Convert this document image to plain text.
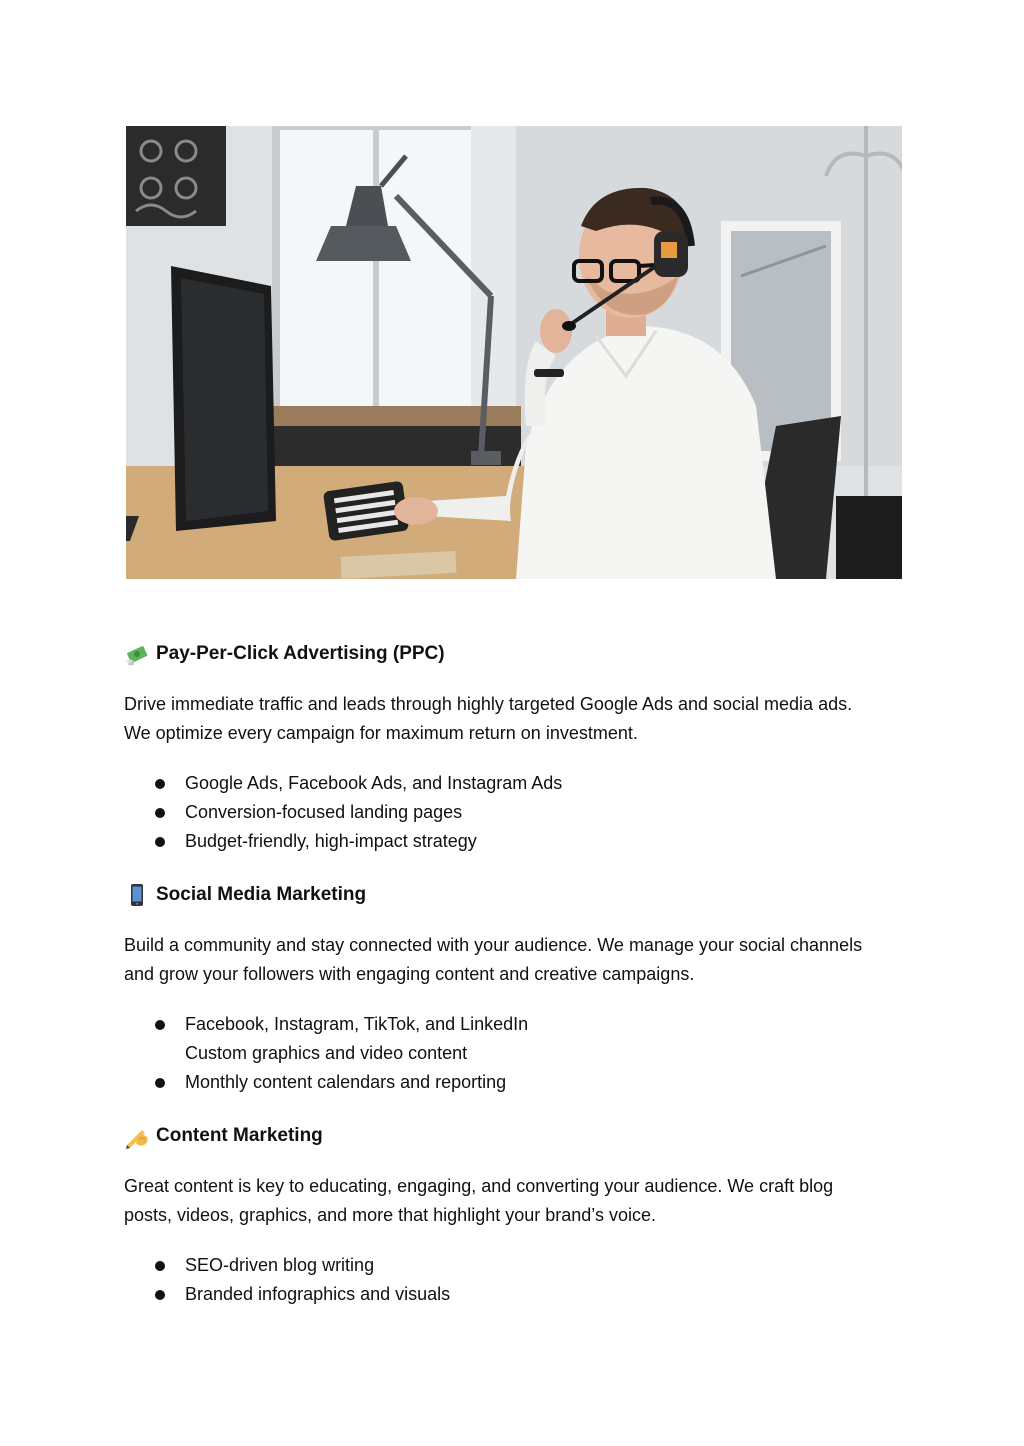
Pay-Per-Click Advertising (PPC)

Drive immediate traffic and leads through highly targeted Google Ads and social media ads.
We optimize every campaign for maximum return on investment.

Google Ads, Facebook Ads, and Instagram Ads
Conversion-focused landing pages
Budget-friendly, high-impact strategy
Social Media Marketing

Build a community and stay connected with your audience. We manage your social channels
and grow your followers with engaging content and creative campaigns.

Facebook, Instagram, TikTok, and LinkedIn
Custom graphics and video content
Monthly content calendars and reporting
Content Marketing

Great content is key to educating, engaging, and converting your audience. We craft blog
posts, videos, graphics, and more that highlight your brand’s voice.

SEO-driven blog writing
Branded infographics and visuals
